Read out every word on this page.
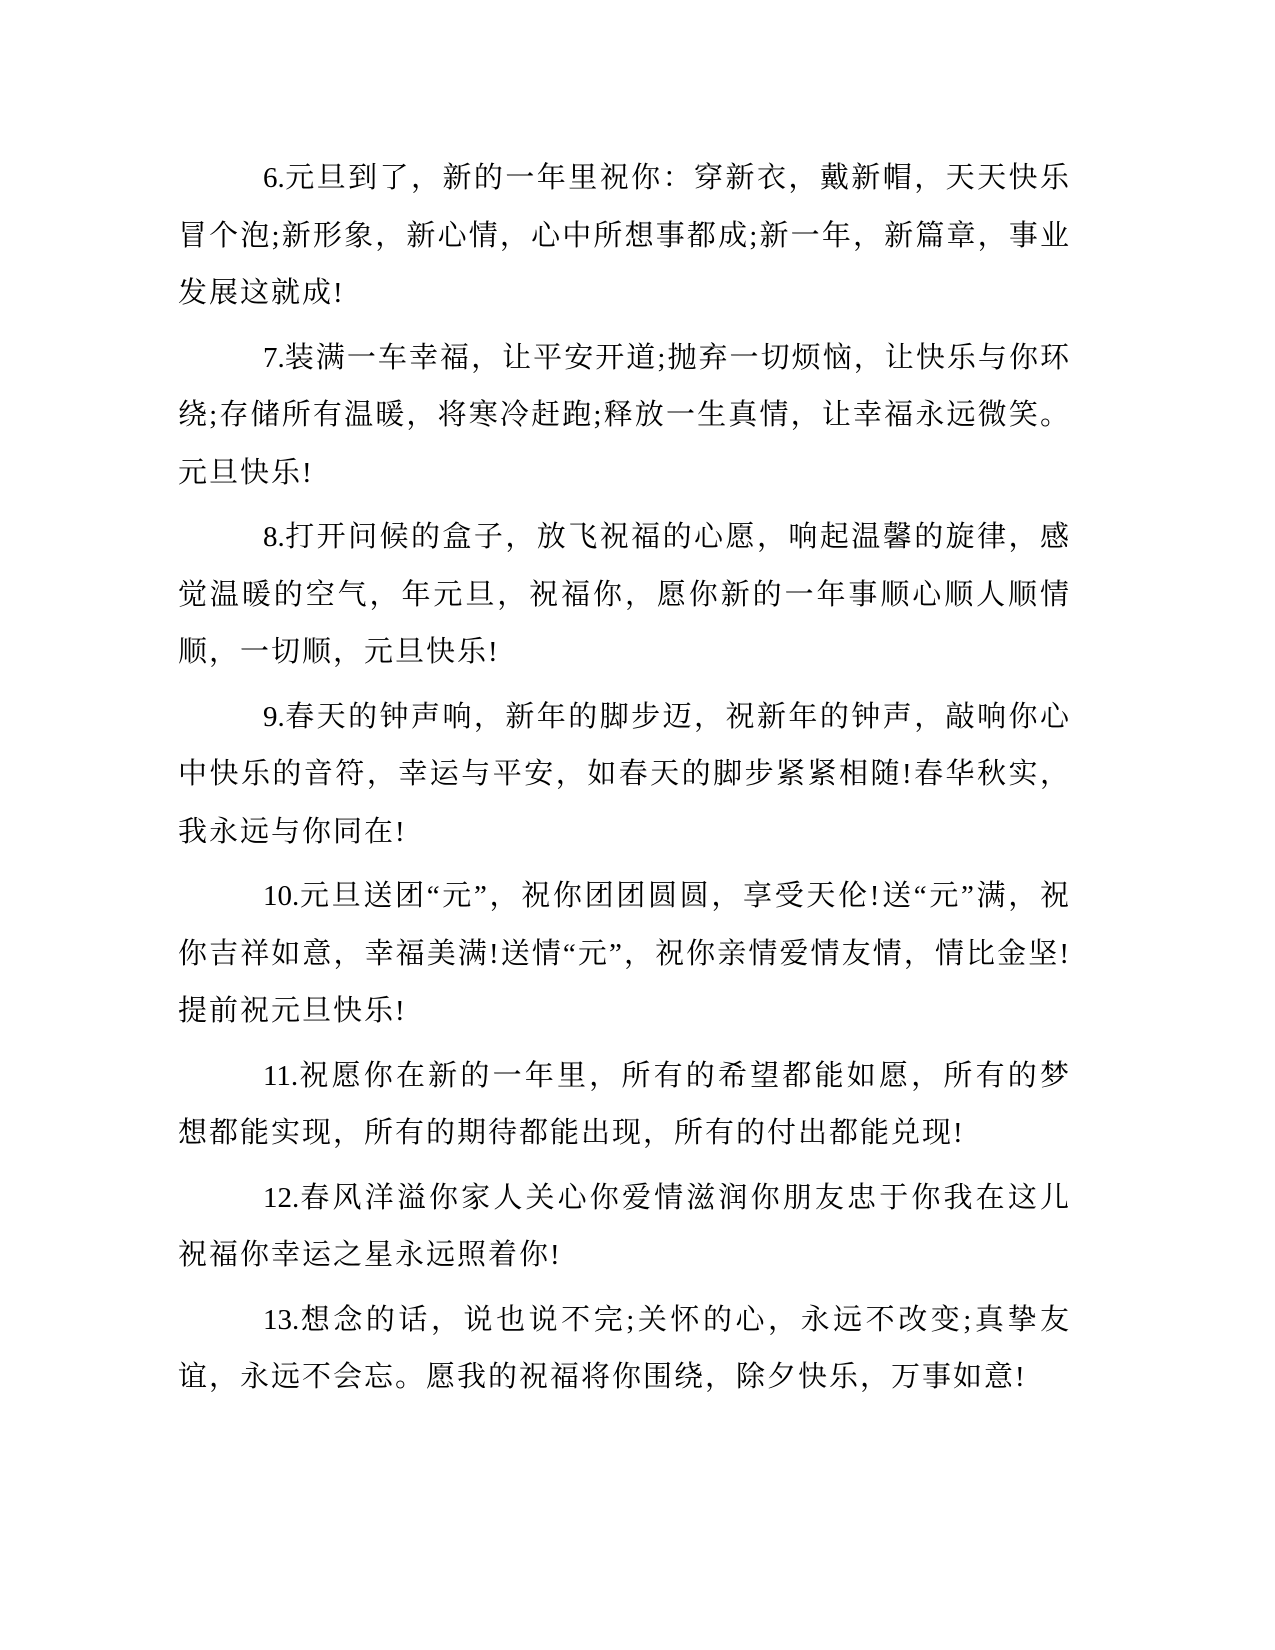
6.元旦到了，新的一年里祝你：穿新衣，戴新帽，天天快乐冒个泡;新形象，新心情，心中所想事都成;新一年，新篇章，事业发展这就成!

7.装满一车幸福，让平安开道;抛弃一切烦恼，让快乐与你环绕;存储所有温暖，将寒冷赶跑;释放一生真情，让幸福永远微笑。元旦快乐!

8.打开问候的盒子，放飞祝福的心愿，响起温馨的旋律，感觉温暖的空气，年元旦，祝福你，愿你新的一年事顺心顺人顺情顺，一切顺，元旦快乐!

9.春天的钟声响，新年的脚步迈，祝新年的钟声，敲响你心中快乐的音符，幸运与平安，如春天的脚步紧紧相随!春华秋实，我永远与你同在!

10.元旦送团“元”，祝你团团圆圆，享受天伦!送“元”满，祝你吉祥如意，幸福美满!送情“元”，祝你亲情爱情友情，情比金坚!提前祝元旦快乐!

11.祝愿你在新的一年里，所有的希望都能如愿，所有的梦想都能实现，所有的期待都能出现，所有的付出都能兑现!

12.春风洋溢你家人关心你爱情滋润你朋友忠于你我在这儿祝福你幸运之星永远照着你!

13.想念的话，说也说不完;关怀的心，永远不改变;真挚友谊，永远不会忘。愿我的祝福将你围绕，除夕快乐，万事如意!
